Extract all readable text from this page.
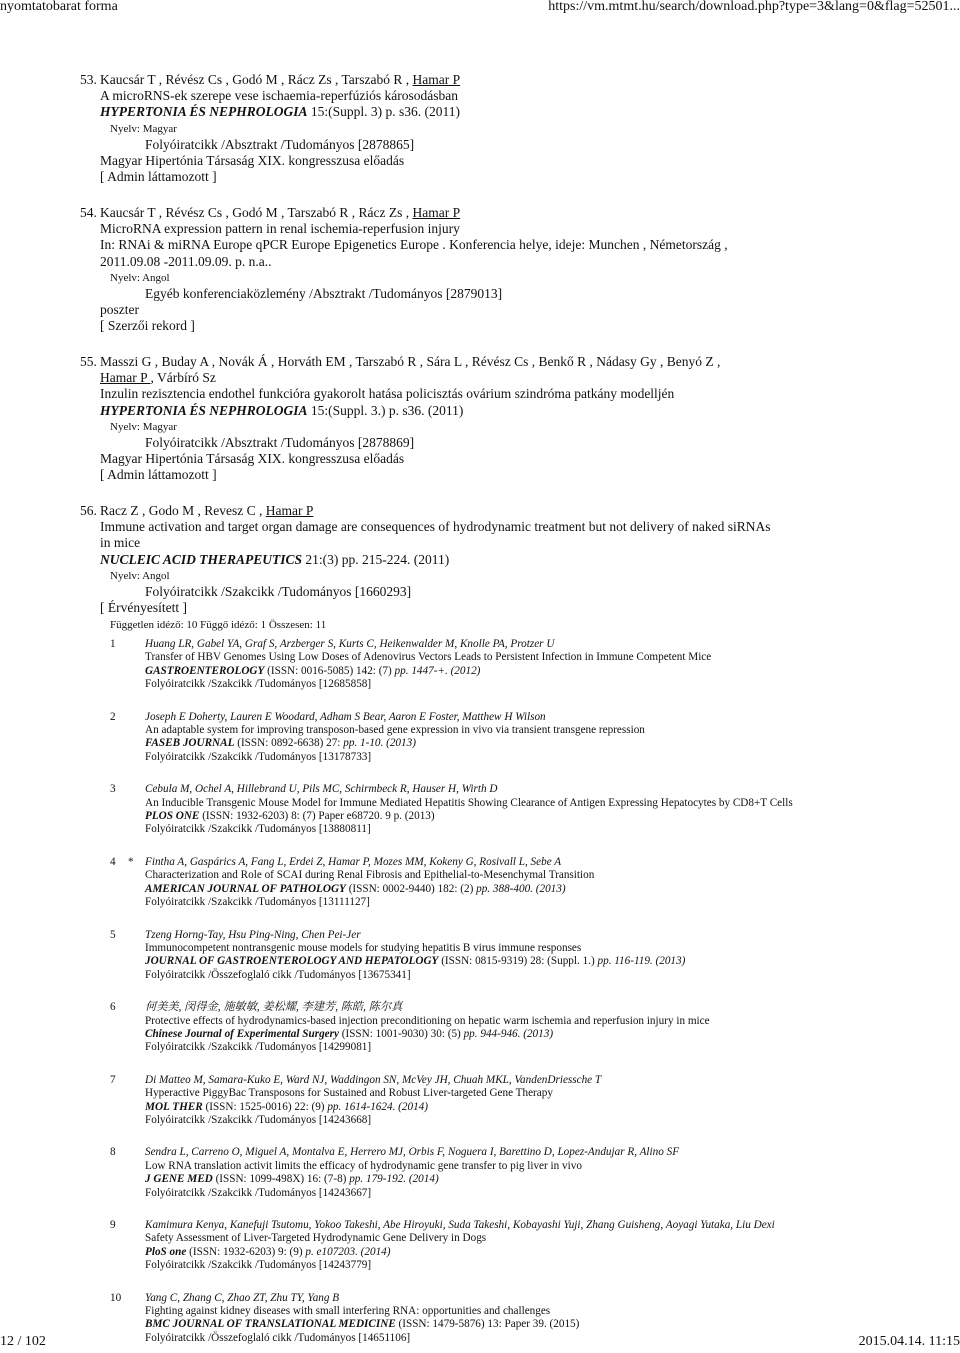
nyomtatobarat forma	https://vm.mtmt.hu/search/download.php?type=3&lang=0&flag=52501...
53. Kaucsár T , Révész Cs , Godó M , Rácz Zs , Tarszabó R , Hamar P
A microRNS-ek szerepe vese ischaemia-reperfúziós károsodásban
HYPERTONIA ÉS NEPHROLOGIA 15:(Suppl. 3) p. s36. (2011)
Nyelv: Magyar
Folyóiratcikk /Absztrakt /Tudományos [2878865]
Magyar Hipertónia Társaság XIX. kongresszusa előadás
[ Admin láttamozott ]
54. Kaucsár T , Révész Cs , Godó M , Tarszabó R , Rácz Zs , Hamar P
MicroRNA expression pattern in renal ischemia-reperfusion injury
In: RNAi & miRNA Europe qPCR Europe Epigenetics Europe . Konferencia helye, ideje: Munchen , Németország ,
2011.09.08 -2011.09.09. p. n.a..
Nyelv: Angol
Egyéb konferenciaközlemény /Absztrakt /Tudományos [2879013]
poszter
[ Szerzői rekord ]
55. Masszi G , Buday A , Novák Á , Horváth EM , Tarszabó R , Sára L , Révész Cs , Benkő R , Nádasy Gy , Benyó Z ,
Hamar P , Várbíró Sz
Inzulin rezisztencia endothel funkcióra gyakorolt hatása policisztás ovárium szindróma patkány modelljén
HYPERTONIA ÉS NEPHROLOGIA 15:(Suppl. 3.) p. s36. (2011)
Nyelv: Magyar
Folyóiratcikk /Absztrakt /Tudományos [2878869]
Magyar Hipertónia Társaság XIX. kongresszusa előadás
[ Admin láttamozott ]
56. Racz Z , Godo M , Revesz C , Hamar P
Immune activation and target organ damage are consequences of hydrodynamic treatment but not delivery of naked siRNAs
in mice
NUCLEIC ACID THERAPEUTICS 21:(3) pp. 215-224. (2011)
Nyelv: Angol
Folyóiratcikk /Szakcikk /Tudományos [1660293]
[ Érvényesített ]
Független idéző: 10 Függő idéző: 1 Összesen: 11
1	Huang LR, Gabel YA, Graf S, Arzberger S, Kurts C, Heikenwalder M, Knolle PA, Protzer U
Transfer of HBV Genomes Using Low Doses of Adenovirus Vectors Leads to Persistent Infection in Immune Competent Mice
GASTROENTEROLOGY (ISSN: 0016-5085) 142: (7) pp. 1447-+. (2012)
Folyóiratcikk /Szakcikk /Tudományos [12685858]
2	Joseph E Doherty, Lauren E Woodard, Adham S Bear, Aaron E Foster, Matthew H Wilson
An adaptable system for improving transposon-based gene expression in vivo via transient transgene repression
FASEB JOURNAL (ISSN: 0892-6638) 27: pp. 1-10. (2013)
Folyóiratcikk /Szakcikk /Tudományos [13178733]
3	Cebula M, Ochel A, Hillebrand U, Pils MC, Schirmbeck R, Hauser H, Wirth D
An Inducible Transgenic Mouse Model for Immune Mediated Hepatitis Showing Clearance of Antigen Expressing Hepatocytes by CD8+T Cells
PLOS ONE (ISSN: 1932-6203) 8: (7) Paper e68720. 9 p. (2013)
Folyóiratcikk /Szakcikk /Tudományos [13880811]
4 * Fintha A, Gaspárics A, Fang L, Erdei Z, Hamar P, Mozes MM, Kokeny G, Rosivall L, Sebe A
Characterization and Role of SCAI during Renal Fibrosis and Epithelial-to-Mesenchymal Transition
AMERICAN JOURNAL OF PATHOLOGY (ISSN: 0002-9440) 182: (2) pp. 388-400. (2013)
Folyóiratcikk /Szakcikk /Tudományos [13111127]
5	Tzeng Horng-Tay, Hsu Ping-Ning, Chen Pei-Jer
Immunocompetent nontransgenic mouse models for studying hepatitis B virus immune responses
JOURNAL OF GASTROENTEROLOGY AND HEPATOLOGY (ISSN: 0815-9319) 28: (Suppl. 1.) pp. 116-119. (2013)
Folyóiratcikk /Összefoglaló cikk /Tudományos [13675341]
6	何美美, 闵得金, 施敏敏, 姜松耀, 李建芳, 陈皓, 陈尔真
Protective effects of hydrodynamics-based injection preconditioning on hepatic warm ischemia and reperfusion injury in mice
Chinese Journal of Experimental Surgery (ISSN: 1001-9030) 30: (5) pp. 944-946. (2013)
Folyóiratcikk /Szakcikk /Tudományos [14299081]
7	Di Matteo M, Samara-Kuko E, Ward NJ, Waddingon SN, McVey JH, Chuah MKL, VandenDriessche T
Hyperactive PiggyBac Transposons for Sustained and Robust Liver-targeted Gene Therapy
MOL THER (ISSN: 1525-0016) 22: (9) pp. 1614-1624. (2014)
Folyóiratcikk /Szakcikk /Tudományos [14243668]
8	Sendra L, Carreno O, Miguel A, Montalva E, Herrero MJ, Orbis F, Noguera I, Barettino D, Lopez-Andujar R, Alino SF
Low RNA translation activit limits the efficacy of hydrodynamic gene transfer to pig liver in vivo
J GENE MED (ISSN: 1099-498X) 16: (7-8) pp. 179-192. (2014)
Folyóiratcikk /Szakcikk /Tudományos [14243667]
9	Kamimura Kenya, Kanefuji Tsutomu, Yokoo Takeshi, Abe Hiroyuki, Suda Takeshi, Kobayashi Yuji, Zhang Guisheng, Aoyagi Yutaka, Liu Dexi
Safety Assessment of Liver-Targeted Hydrodynamic Gene Delivery in Dogs
PloS one (ISSN: 1932-6203) 9: (9) p. e107203. (2014)
Folyóiratcikk /Szakcikk /Tudományos [14243779]
10 Yang C, Zhang C, Zhao ZT, Zhu TY, Yang B
Fighting against kidney diseases with small interfering RNA: opportunities and challenges
BMC JOURNAL OF TRANSLATIONAL MEDICINE (ISSN: 1479-5876) 13: Paper 39. (2015)
Folyóiratcikk /Összefoglaló cikk /Tudományos [14651106]
12 / 102	2015.04.14. 11:15
